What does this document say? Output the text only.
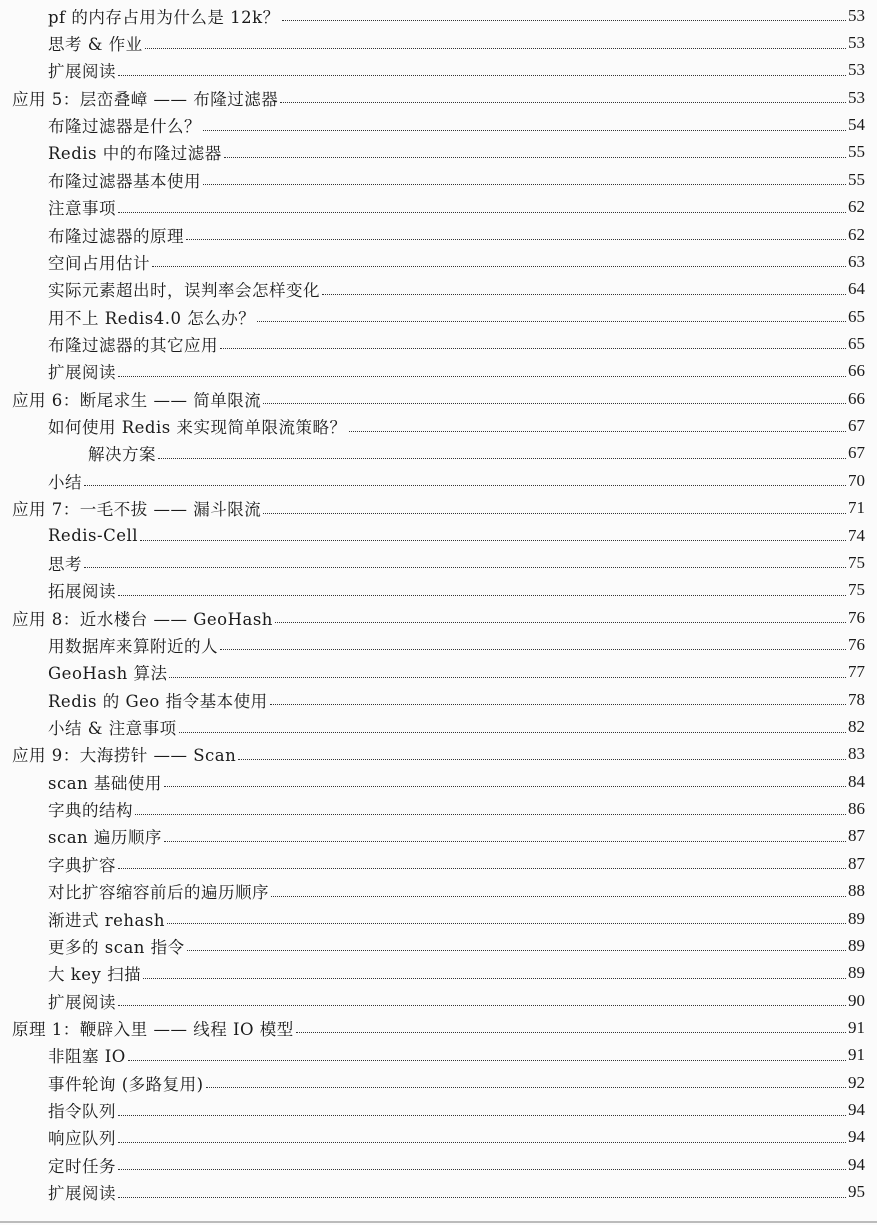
pf 的内存占用为什么是 12k？	53
思考 & 作业	53
扩展阅读	53
应用 5：层峦叠嶂 —— 布隆过滤器	53
布隆过滤器是什么？	54
Redis 中的布隆过滤器	55
布隆过滤器基本使用	55
注意事项	62
布隆过滤器的原理	62
空间占用估计	63
实际元素超出时，误判率会怎样变化	64
用不上 Redis4.0 怎么办？	65
布隆过滤器的其它应用	65
扩展阅读	66
应用 6：断尾求生 —— 简单限流	66
如何使用 Redis 来实现简单限流策略？	67
解决方案	67
小结	70
应用 7：一毛不拔 —— 漏斗限流	71
Redis-Cell	74
思考	75
拓展阅读	75
应用 8：近水楼台 —— GeoHash	76
用数据库来算附近的人	76
GeoHash 算法	77
Redis 的 Geo 指令基本使用	78
小结 & 注意事项	82
应用 9：大海捞针 —— Scan	83
scan 基础使用	84
字典的结构	86
scan 遍历顺序	87
字典扩容	87
对比扩容缩容前后的遍历顺序	88
渐进式 rehash	89
更多的 scan 指令	89
大 key 扫描	89
扩展阅读	90
原理 1：鞭辟入里 —— 线程 IO 模型	91
非阻塞 IO	91
事件轮询 (多路复用)	92
指令队列	94
响应队列	94
定时任务	94
扩展阅读	95
